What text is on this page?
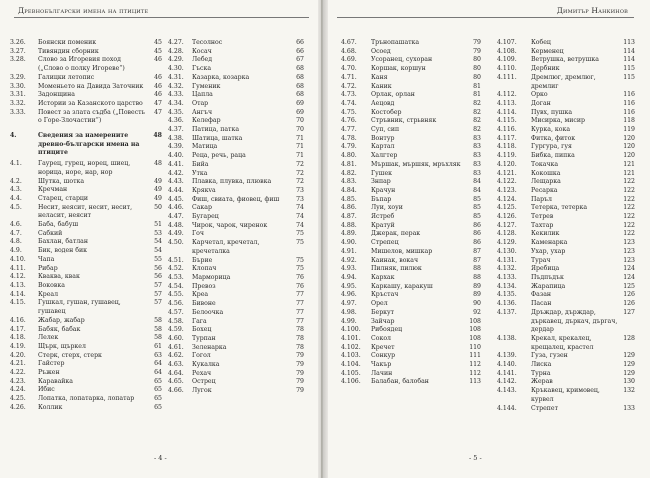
Древнобългарски имена на птиците
3.26.	Боянски поменик	45
3.27.	Тивяндин сборник	45
3.28.	Слово за Игоревия поход („Слово о полку Игореве“)
46
3.29.	Галицки летопис	46
3.30.	Моменьето на Давида Заточник	46
3.31.	Задонщина	46
3.32.	Истории за Казанското царство	47
3.33.	Повест за злата съдба („Повесть о Горе-Злочастии“)
47
4.	Сведения за намерените древно-български имена на птиците
48
4.1.	Гаурец, гурец, норец, шиец, норица, норе, нар, нор
48
4.2.	Шутка, шотка	49
4.3.	Кречман	49
4.4.	Старец, старци	49
4.5.	Несит, неясит, несит, несит, неласит, неясит
50
4.6.	Баба, бабуш	51
4.7.	Сабкий	53
4.8.	Бахлан, батлан	54
4.9.	Бик, воден бик	54
4.10.	Чапа	55
4.11.	Рибар	56
4.12.	Кваква, квак	56
4.13.	Воковка	57
4.14.	Креал	57
4.15.	Гушкал, гушан, гушавец, гушавец
57
4.16.	Жабар, жабар	58
4.17.	Бабяк, бабак	58
4.18.	Лелек	58
4.19.	Щърк, щъркел	61
4.20.	Стерк, стерх, стерк	63
4.21.	Гайстер	64
4.22.	Ръжен	64
4.23.	Каравайка	65
4.24.	Ибис	65
4.25.	Лопатка, лопатарка, лопатар	65
4.26.	Коллик	65
4.27.	Тесолнос	66
4.28.	Косач	66
4.29.	Лебед	67
4.30.	Гъска	68
4.31.	Казарка, козарка	68
4.32.	Гуменик	68
4.33.	Цапла	68
4.34.	Отар	69
4.35.	Ангъч	69
4.36.	Келефар	70
4.37.	Патица, патка	70
4.38.	Шатица, шатка	71
4.39.	Матица	71
4.40.	Реца, речь, раца	71
4.41.	Бийа	72
4.42.	Утка	72
4.43.	Плавка, плувка, плювка	72
4.44.	Крякva	73
4.45.	Фиш, свиата, фиовец, фиш	73
4.46.	Сакар	74
4.47.	Бугарец	74
4.48.	Чирок, чарок, чиренок	74
4.49.	Гоч	75
4.50.	Карчетал, кречетал, кречеталка
75
4.51.	Бърие	75
4.52.	Клопач	75
4.53.	Марморица	76
4.54.	Превоз	76
4.55.	Креа	77
4.56.	Бивоне	77
4.57.	Белоочка	77
4.58.	Гага	77
4.59.	Бохец	78
4.60.	Турпан	78
4.61.	Зеленарка	78
4.62.	Гогол	79
4.63.	Кукалка	79
4.64.	Рехач	79
4.65.	Острец	79
4.66.	Лугок	79
- 4 -
Димитър Нанкинов
4.67.	Трънопашатка	79
4.68.	Осоед	79
4.69.	Усоранец, сухоран	80
4.70.	Коршак, коршун	80
4.71.	Каня	80
4.72.	Каник	81
4.73.	Орлак, орлан	81
4.74.	Аецовд	82
4.75.	Костобер	82
4.76.	Стръвник, стрьвняк	82
4.77.	Суп, сип	82
4.78.	Вонтур	83
4.79.	Картал	83
4.80.	Халгтер	83
4.81.	Мършак, мършяк, мръхляк	83
4.82.	Гушек	83
4.83.	Знпар	84
4.84.	Крачун	84
4.85.	Бъпар	85
4.86.	Луи, хоуи	85
4.87.	Ястреб	85
4.88.	Кратуй	86
4.89.	Джерак, перак	86
4.90.	Стрепец	86
4.91.	Мишелов, мишкар	87
4.92.	Каинак, вокач	87
4.93.	Пилняк, пилюк	88
4.94.	Кархак	88
4.95.	Каркашу, каракуш	89
4.96.	Кръстач	89
4.97.	Орел	90
4.98.	Беркут	92
4.99.	Зайчар	108
4.100.	Рибоядец	108
4.101.	Сокол	108
4.102.	Кречет	110
4.103.	Сонкур	111
4.104.	Чакър	112
4.105.	Лачин	112
4.106.	Балабан, балобан	113
4.107.	Кобец	113
4.108.	Керменец	114
4.109.	Ветрушка, ветрушка	114
4.110.	Дербник	115
4.111.	Дремлюг, дремлюг, дремлиг
115
4.112.	Орко	116
4.113.	Доган	116
4.114.	Пувх, пушка	116
4.115.	Мисирка, мисир	118
4.116.	Курка, кока	119
4.117.	Фитка, фиток	120
4.118.	Гургура, гуя	120
4.119.	Бибка, пипка	120
4.120.	Токачка	121
4.121.	Кокошка	121
4.122.	Лещарка	122
4.123.	Ресарка	122
4.124.	Паръл	122
4.125.	Тетерка, тетерка	122
4.126.	Тетрев	122
4.127.	Тахтар	122
4.128.	Кекилик	122
4.129.	Каменарка	123
4.130.	Ухар, ухар	123
4.131.	Турач	123
4.132.	Яребица	124
4.133.	Пъдпъдък	124
4.134.	Жарапица	125
4.135.	Фазан	126
4.136.	Пасан	126
4.137.	Дръждар, държдар, дъркавец, дъркач, дъргач, дердар
127
4.138.	Крекал, крекалец, крещалец, крастел
128
4.139.	Гуза, гузен	129
4.140.	Лиска	129
4.141.	Турна	129
4.142.	Жерав	130
4.143.	Кръкавец, кримовец, курвел
132
4.144.	Стрепет	133
- 5 -
